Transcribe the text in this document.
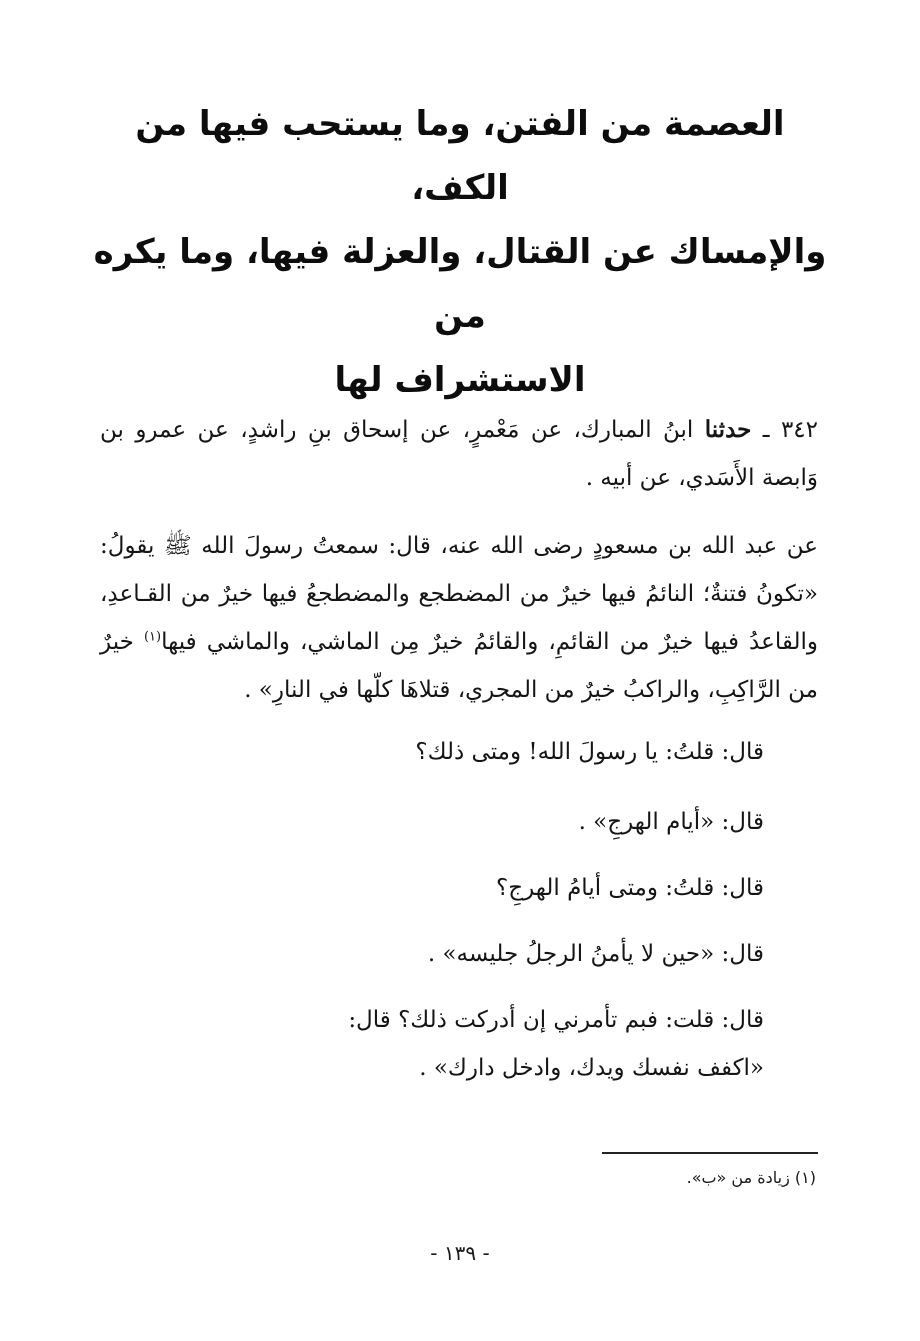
العصمة من الفتن، وما يستحب فيها من الكف،
والإمساك عن القتال، والعزلة فيها، وما يكره من
الاستشراف لها
٣٤٢ ـ حدثنا ابنُ المبارك، عن مَعْمرٍ، عن إسحاق بنِ راشدٍ، عن عمرو بن وَابصة الأَسَدي، عن أبيه .
عن عبد الله بن مسعودٍ رضى الله عنه، قال: سمعتُ رسولَ الله ﷺ يقولُ: «تكونُ فتنةٌ؛ النائمُ فيها خيرٌ من المضطجع والمضطجعُ فيها خيرٌ من القـاعدِ، والقاعدُ فيها خيرٌ من القائمِ، والقائمُ خيرٌ مِن الماشي، والماشي فيها$^{(١)}$ خيرٌ من الرَّاكِبِ، والراكبُ خيرٌ من المجري، قتلاهَا كلّها في النارِ» .
قال: قلتُ: يا رسولَ الله! ومتى ذلك؟
قال: «أيام الهرجِ» .
قال: قلتُ: ومتى أيامُ الهرجِ؟
قال: «حين لا يأمنُ الرجلُ جليسه» .
قال: قلت: فبم تأمرني إن أدركت ذلك؟ قال:
«اكفف نفسك ويدك، وادخل دارك» .
(١) زيادة من «ب».
- ١٣٩ -
